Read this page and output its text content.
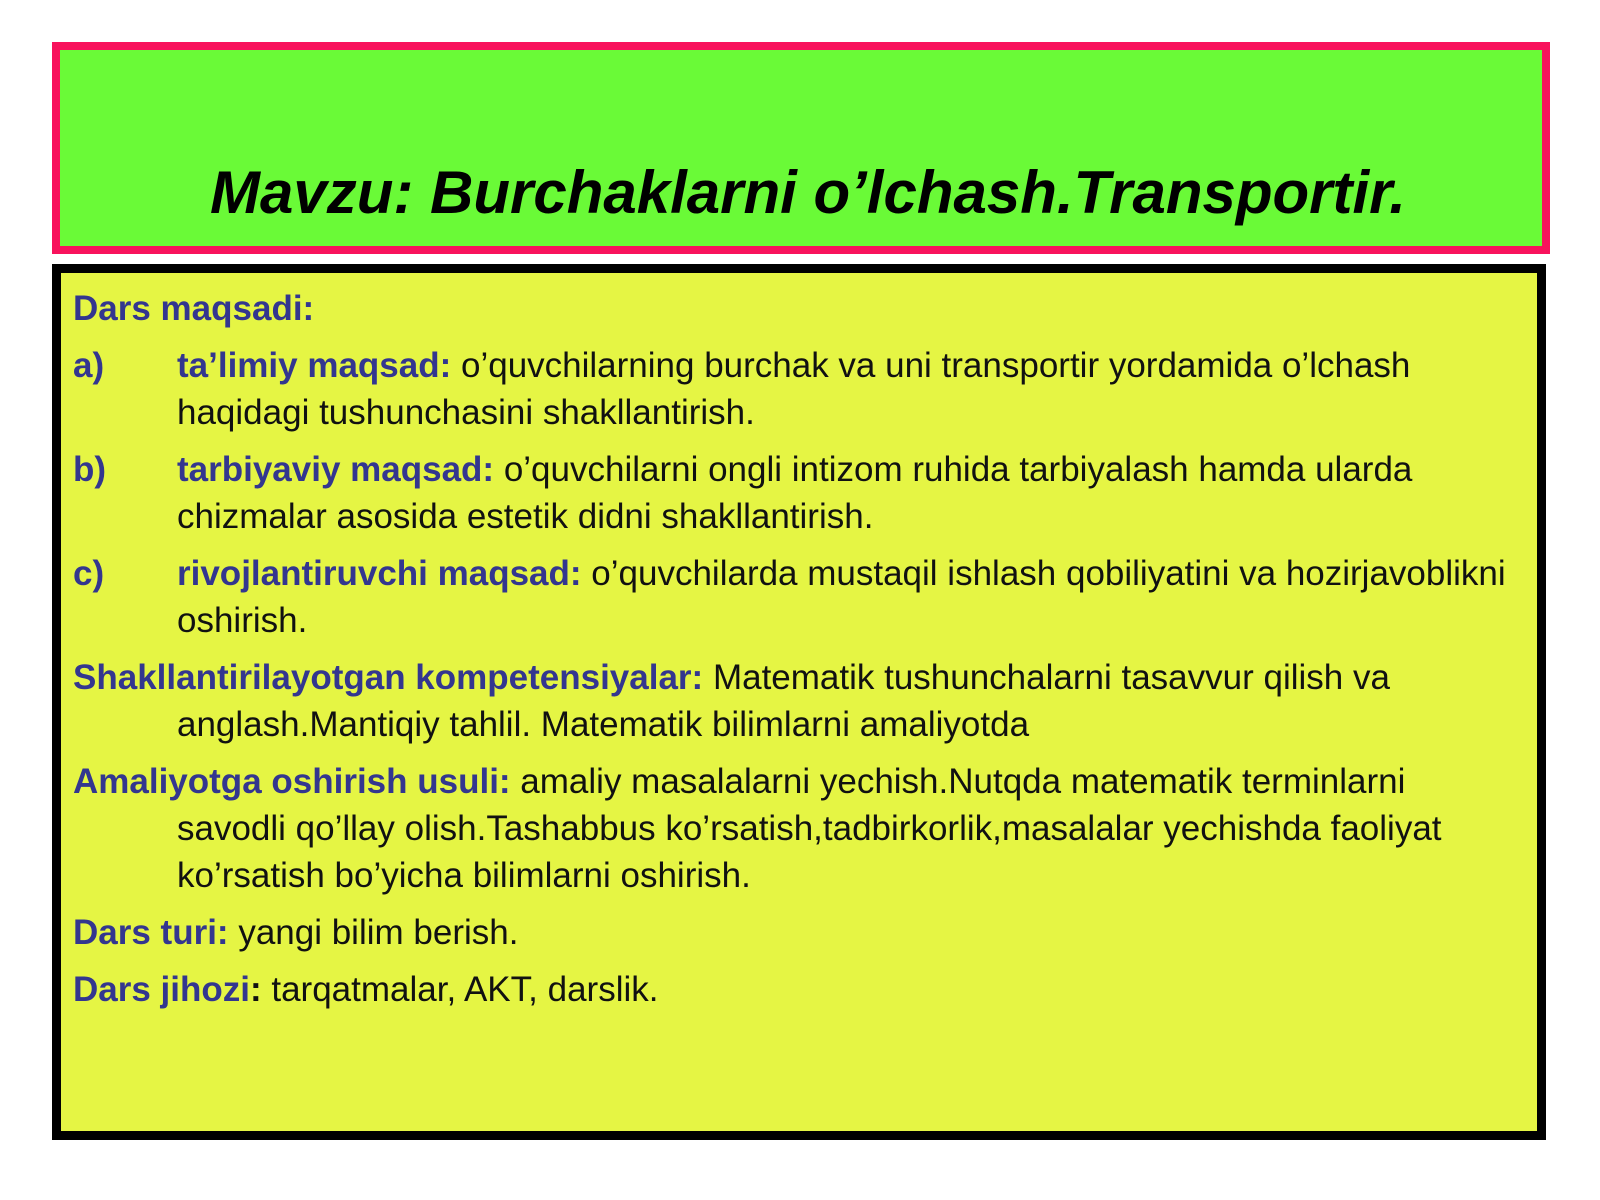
Mavzu: Burchaklarni o’lchash.Transportir.
Dars maqsadi:
a) ta’limiy maqsad: o’quvchilarning burchak va uni transportir yordamida o’lchash haqidagi tushunchasini shakllantirish.
b) tarbiyaviy maqsad: o’quvchilarni ongli intizom ruhida tarbiyalash hamda ularda chizmalar asosida estetik didni shakllantirish.
c) rivojlantiruvchi maqsad: o’quvchilarda mustaqil ishlash qobiliyatini va hozirjavoblikni oshirish.
Shakllantirilayotgan kompetensiyalar: Matematik tushunchalarni tasavvur qilish va anglash.Mantiqiy tahlil. Matematik bilimlarni amaliyotda
Amaliyotga oshirish usuli: amaliy masalalarni yechish.Nutqda matematik terminlarni savodli qo’llay olish.Tashabbus ko’rsatish,tadbirkorlik,masalalar yechishda faoliyat ko’rsatish bo’yicha bilimlarni oshirish.
Dars turi: yangi bilim berish.
Dars jihozi: tarqatmalar, AKT, darslik.
